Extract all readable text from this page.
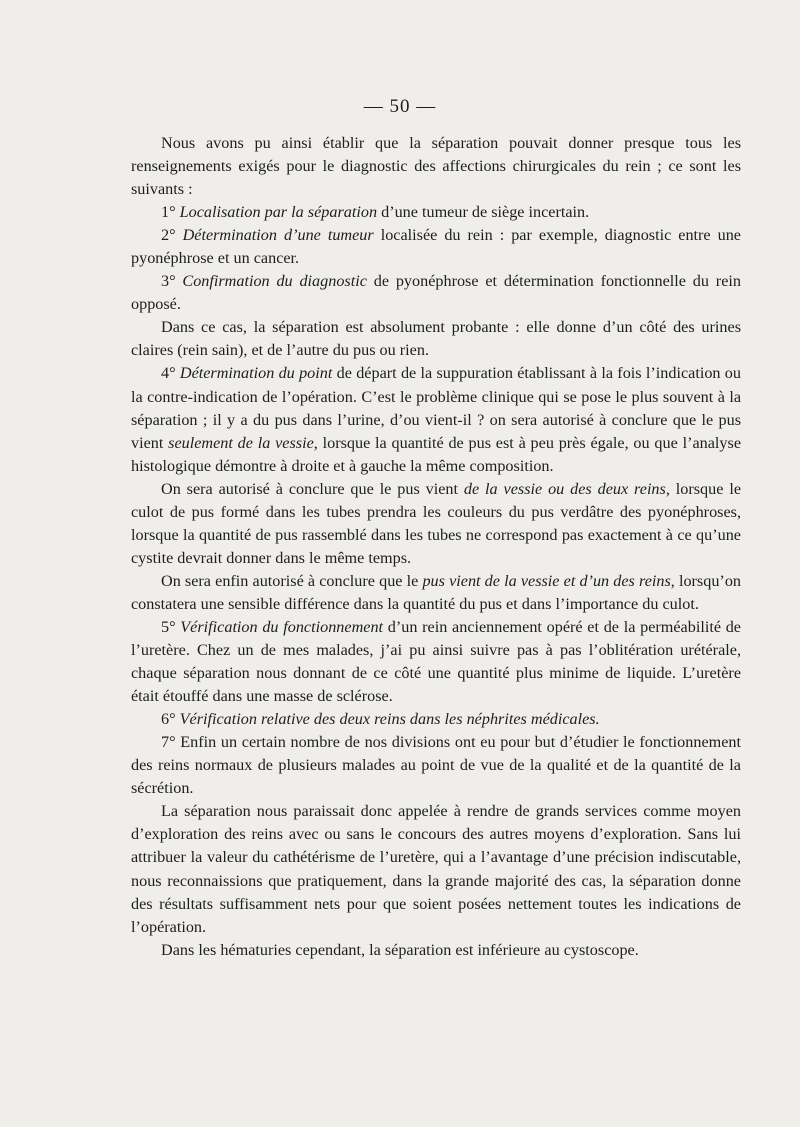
— 50 —

Nous avons pu ainsi établir que la séparation pouvait donner presque tous les renseignements exigés pour le diagnostic des affections chirurgicales du rein ; ce sont les suivants :

1° Localisation par la séparation d’une tumeur de siège incertain.

2° Détermination d’une tumeur localisée du rein : par exemple, diagnostic entre une pyonéphrose et un cancer.

3° Confirmation du diagnostic de pyonéphrose et détermination fonctionnelle du rein opposé.

Dans ce cas, la séparation est absolument probante : elle donne d’un côté des urines claires (rein sain), et de l’autre du pus ou rien.

4° Détermination du point de départ de la suppuration établissant à la fois l’indication ou la contre-indication de l’opération. C’est le problème clinique qui se pose le plus souvent à la séparation ; il y a du pus dans l’urine, d’ou vient-il ? on sera autorisé à conclure que le pus vient seulement de la vessie, lorsque la quantité de pus est à peu près égale, ou que l’analyse histologique démontre à droite et à gauche la même composition.

On sera autorisé à conclure que le pus vient de la vessie ou des deux reins, lorsque le culot de pus formé dans les tubes prendra les couleurs du pus verdâtre des pyonéphroses, lorsque la quantité de pus rassemblé dans les tubes ne correspond pas exactement à ce qu’une cystite devrait donner dans le même temps.

On sera enfin autorisé à conclure que le pus vient de la vessie et d’un des reins, lorsqu’on constatera une sensible différence dans la quantité du pus et dans l’importance du culot.

5° Vérification du fonctionnement d’un rein anciennement opéré et de la perméabilité de l’uretère. Chez un de mes malades, j’ai pu ainsi suivre pas à pas l’oblitération urétérale, chaque séparation nous donnant de ce côté une quantité plus minime de liquide. L’uretère était étouffé dans une masse de sclérose.

6° Vérification relative des deux reins dans les néphrites médicales.

7° Enfin un certain nombre de nos divisions ont eu pour but d’étudier le fonctionnement des reins normaux de plusieurs malades au point de vue de la qualité et de la quantité de la sécrétion.

La séparation nous paraissait donc appelée à rendre de grands services comme moyen d’exploration des reins avec ou sans le concours des autres moyens d’exploration. Sans lui attribuer la valeur du cathétérisme de l’uretère, qui a l’avantage d’une précision indiscutable, nous reconnaissions que pratiquement, dans la grande majorité des cas, la séparation donne des résultats suffisamment nets pour que soient posées nettement toutes les indications de l’opération.

Dans les hématuries cependant, la séparation est inférieure au cystoscope.
